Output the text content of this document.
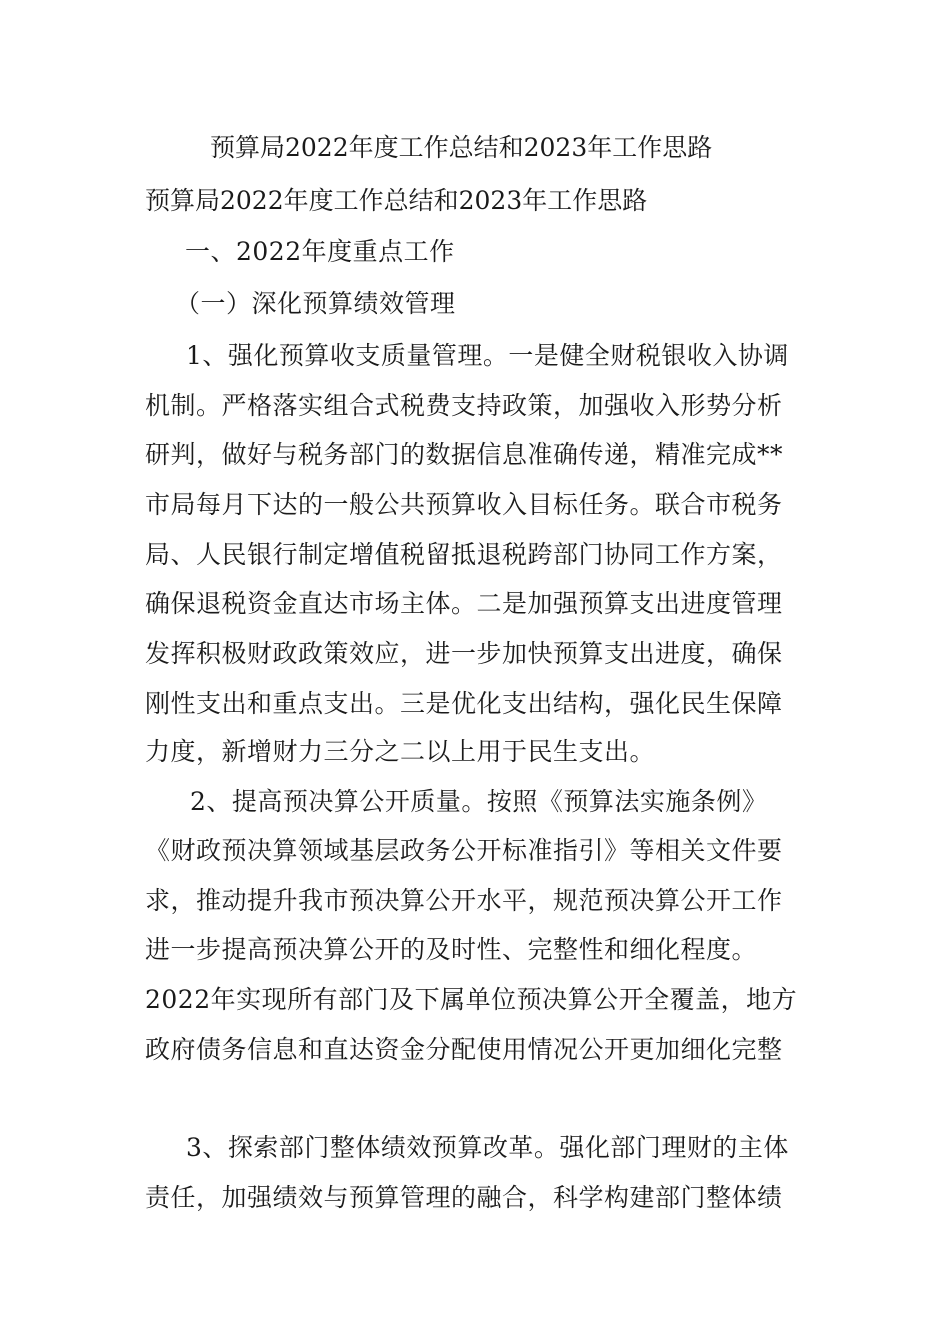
预算局2022年度工作总结和2023年工作思路
预算局2022年度工作总结和2023年工作思路
一、2022年度重点工作
（一）深化预算绩效管理
1、强化预算收支质量管理。一是健全财税银收入协调
机制。严格落实组合式税费支持政策，加强收入形势分析
研判，做好与税务部门的数据信息准确传递，精准完成**
市局每月下达的一般公共预算收入目标任务。联合市税务
局、人民银行制定增值税留抵退税跨部门协同工作方案，
确保退税资金直达市场主体。二是加强预算支出进度管理
发挥积极财政政策效应，进一步加快预算支出进度，确保
刚性支出和重点支出。三是优化支出结构，强化民生保障
力度，新增财力三分之二以上用于民生支出。
2、提高预决算公开质量。按照《预算法实施条例》
《财政预决算领域基层政务公开标准指引》等相关文件要
求，推动提升我市预决算公开水平，规范预决算公开工作
进一步提高预决算公开的及时性、完整性和细化程度。
2022年实现所有部门及下属单位预决算公开全覆盖，地方
政府债务信息和直达资金分配使用情况公开更加细化完整
3、探索部门整体绩效预算改革。强化部门理财的主体
责任，加强绩效与预算管理的融合，科学构建部门整体绩
